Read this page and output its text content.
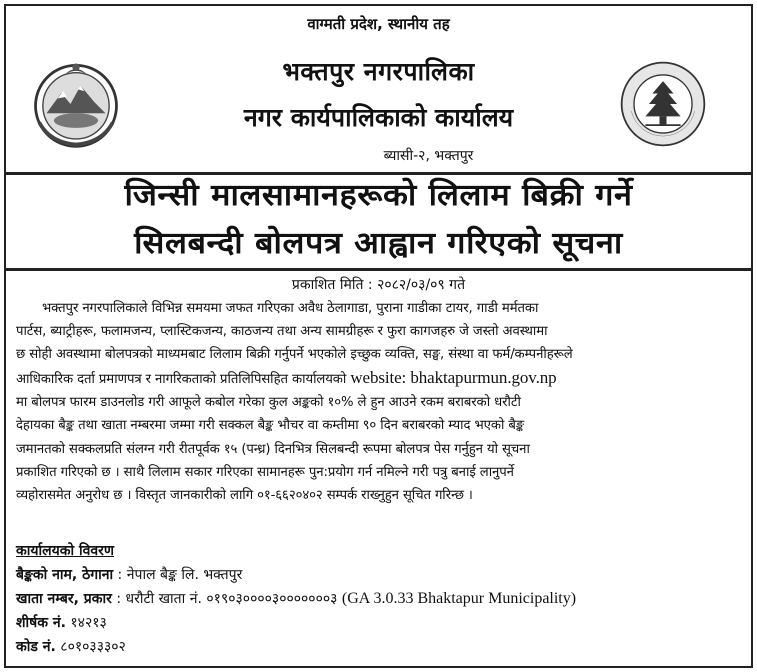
वाग्मती प्रदेश, स्थानीय तह
भक्तपुर नगरपालिका
नगर कार्यपालिकाको कार्यालय
ब्यासी-२, भक्तपुर
जिन्सी मालसामानहरूको लिलाम बिक्री गर्ने
सिलबन्दी बोलपत्र आह्वान गरिएको सूचना
प्रकाशित मिति : २०८२/०३/०९ गते
भक्तपुर नगरपालिकाले विभिन्न समयमा जफत गरिएका अवैध ठेलागाडा, पुराना गाडीका टायर, गाडी मर्मतका
पार्टस, ब्याट्रीहरू, फलामजन्य, प्लास्टिकजन्य, काठजन्य तथा अन्य सामग्रीहरू र फुरा कागजहरु जे जस्तो अवस्थामा
छ सोही अवस्थामा बोलपत्रको माध्यमबाट लिलाम बिक्री गर्नुपर्ने भएकोले इच्छुक व्यक्ति, सङ्घ, संस्था वा फर्म/कम्पनीहरूले
आधिकारिक दर्ता प्रमाणपत्र र नागरिकताको प्रतिलिपिसहित कार्यालयको website: bhaktapurmun.gov.np
मा बोलपत्र फारम डाउनलोड गरी आफूले कबोल गरेका कुल अङ्कको १०% ले हुन आउने रकम बराबरको धरौटी
देहायका बैङ्क तथा खाता नम्बरमा जम्मा गरी सक्कल बैङ्क भौचर वा कम्तीमा ९० दिन बराबरको म्याद भएको बैङ्क
जमानतको सक्कलप्रति संलग्न गरी रीतपूर्वक १५ (पन्ध्र) दिनभित्र सिलबन्दी रूपमा बोलपत्र पेस गर्नुहुन यो सूचना
प्रकाशित गरिएको छ । साथै लिलाम सकार गरिएका सामानहरू पुन:प्रयोग गर्न नमिल्ने गरी पत्रु बनाई लानुपर्ने
व्यहोरासमेत अनुरोध छ । विस्तृत जानकारीको लागि ०१-६६२०४०२ सम्पर्क राख्नुहुन सूचित गरिन्छ ।
कार्यालयको विवरण
बैङ्कको नाम, ठेगाना : नेपाल बैङ्क लि. भक्तपुर
खाता नम्बर, प्रकार : धरौटी खाता नं. ०१९०३००००३०००००००३ (GA 3.0.33 Bhaktapur Municipality)
शीर्षक नं. १४२१३
कोड नं. ८०१०३३३०२
